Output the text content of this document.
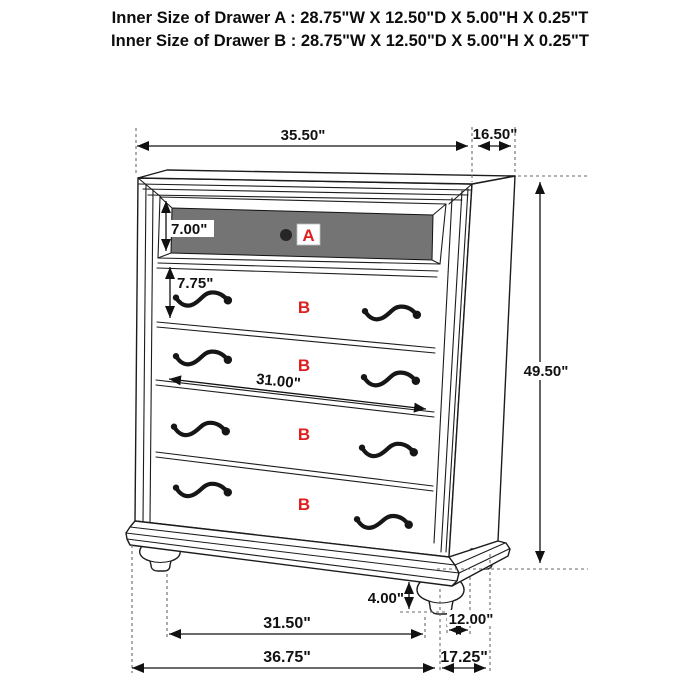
Inner Size of Drawer A : 28.75"W X 12.50"D X 5.00"H X 0.25"T
Inner Size of Drawer B : 28.75"W X 12.50"D X 5.00"H X 0.25"T
A
B
B
B
B
35.50"	16.50"
49.50"
7.00"
7.75"
31.00"
4.00"
31.50"	12.00"
36.75"	17.25"
